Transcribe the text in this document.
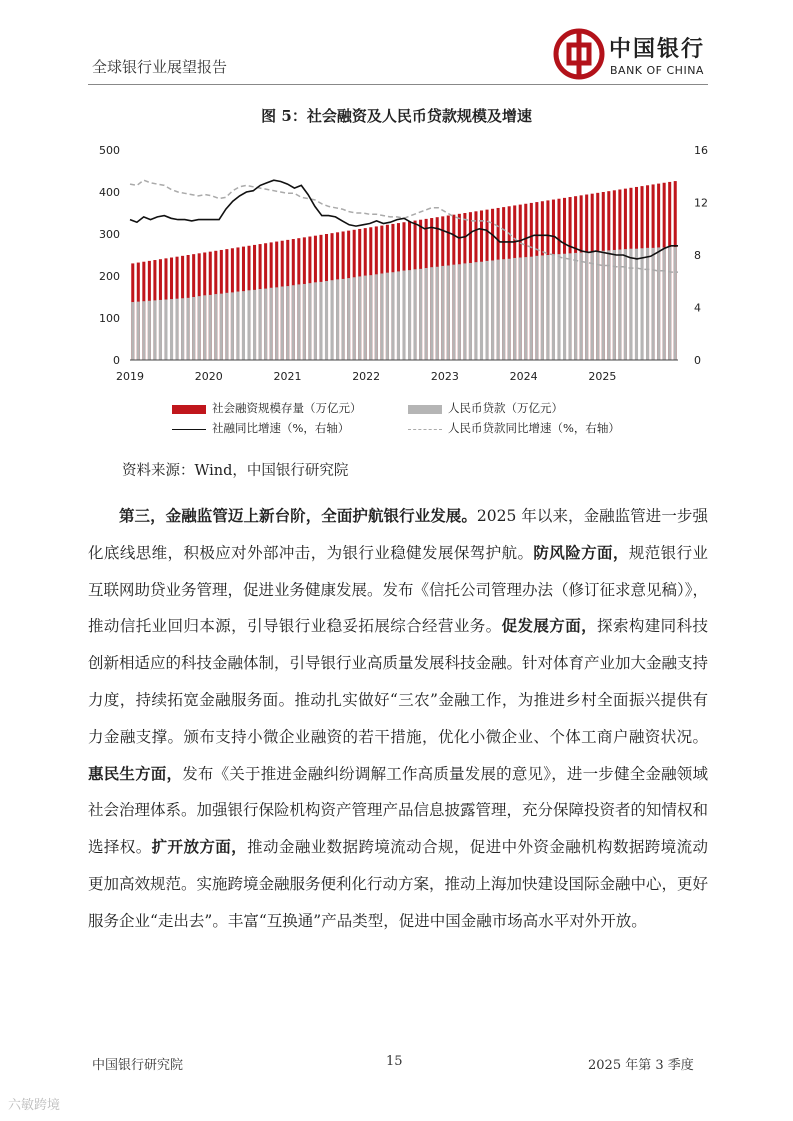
全球银行业展望报告
中国银行
BANK OF CHINA
图 5：社会融资及人民币贷款规模及增速
0
100
200
300
400
500
0
4
8
12
16
2019	2020	2021	2022	2023	2024	2025
社会融资规模存量（万亿元）	人民币贷款（万亿元）
社融同比增速（%，右轴）	人民币贷款同比增速（%，右轴）
资料来源：Wind，中国银行研究院

第三，金融监管迈上新台阶，全面护航银行业发展。2025 年以来，金融监管进一步强化底线思维，积极应对外部冲击，为银行业稳健发展保驾护航。防风险方面，规范银行业互联网助贷业务管理，促进业务健康发展。发布《信托公司管理办法（修订征求意见稿）》，推动信托业回归本源，引导银行业稳妥拓展综合经营业务。促发展方面，探索构建同科技创新相适应的科技金融体制，引导银行业高质量发展科技金融。针对体育产业加大金融支持力度，持续拓宽金融服务面。推动扎实做好“三农”金融工作，为推进乡村全面振兴提供有力金融支撑。颁布支持小微企业融资的若干措施，优化小微企业、个体工商户融资状况。惠民生方面，发布《关于推进金融纠纷调解工作高质量发展的意见》，进一步健全金融领域社会治理体系。加强银行保险机构资产管理产品信息披露管理，充分保障投资者的知情权和选择权。扩开放方面，推动金融业数据跨境流动合规，促进中外资金融机构数据跨境流动更加高效规范。实施跨境金融服务便利化行动方案，推动上海加快建设国际金融中心，更好服务企业“走出去”。丰富“互换通”产品类型，促进中国金融市场高水平对外开放。

中国银行研究院	15	2025 年第 3 季度
六敏跨境
